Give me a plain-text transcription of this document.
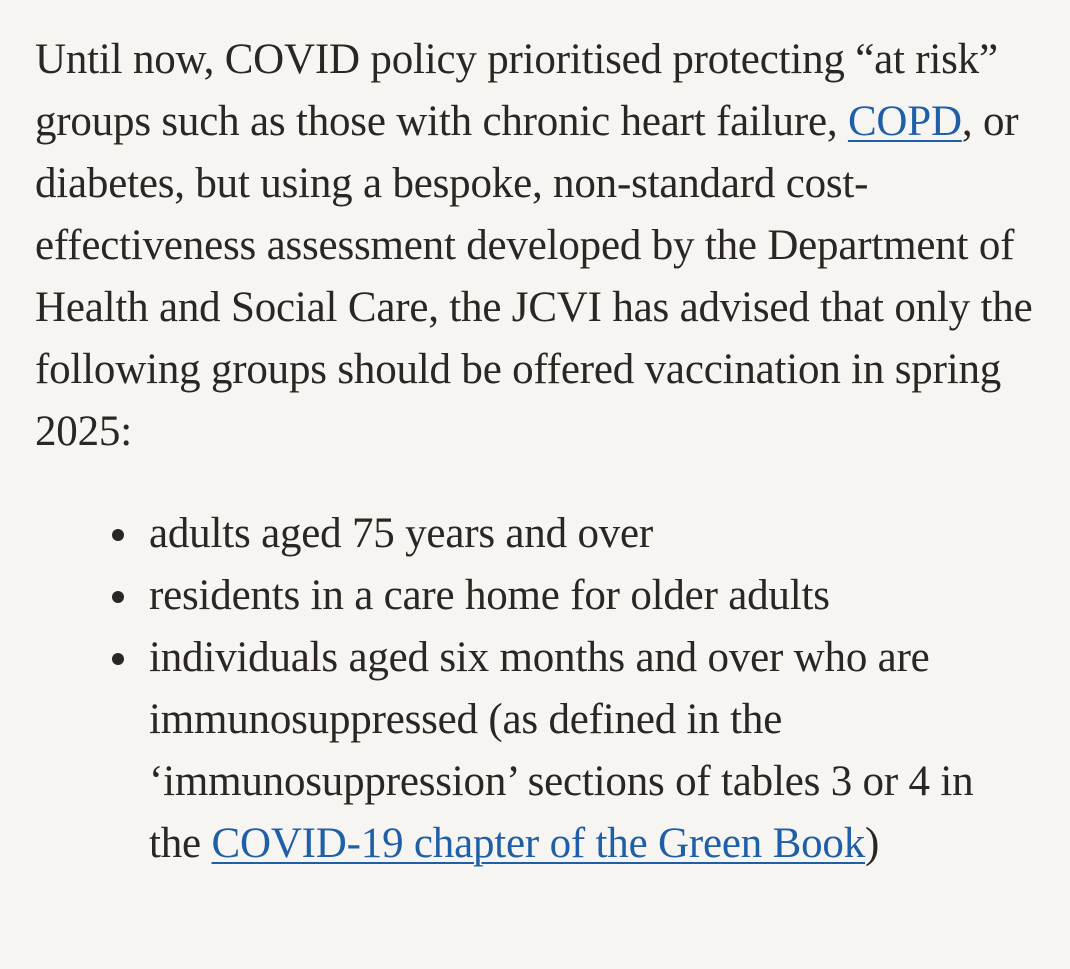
Until now, COVID policy prioritised protecting “at risk” groups such as those with chronic heart failure, COPD, or diabetes, but using a bespoke, non-standard cost-effectiveness assessment developed by the Department of Health and Social Care, the JCVI has advised that only the following groups should be offered vaccination in spring 2025:

adults aged 75 years and over
residents in a care home for older adults
individuals aged six months and over who are immunosuppressed (as defined in the ‘immunosuppression’ sections of tables 3 or 4 in the COVID-19 chapter of the Green Book)
